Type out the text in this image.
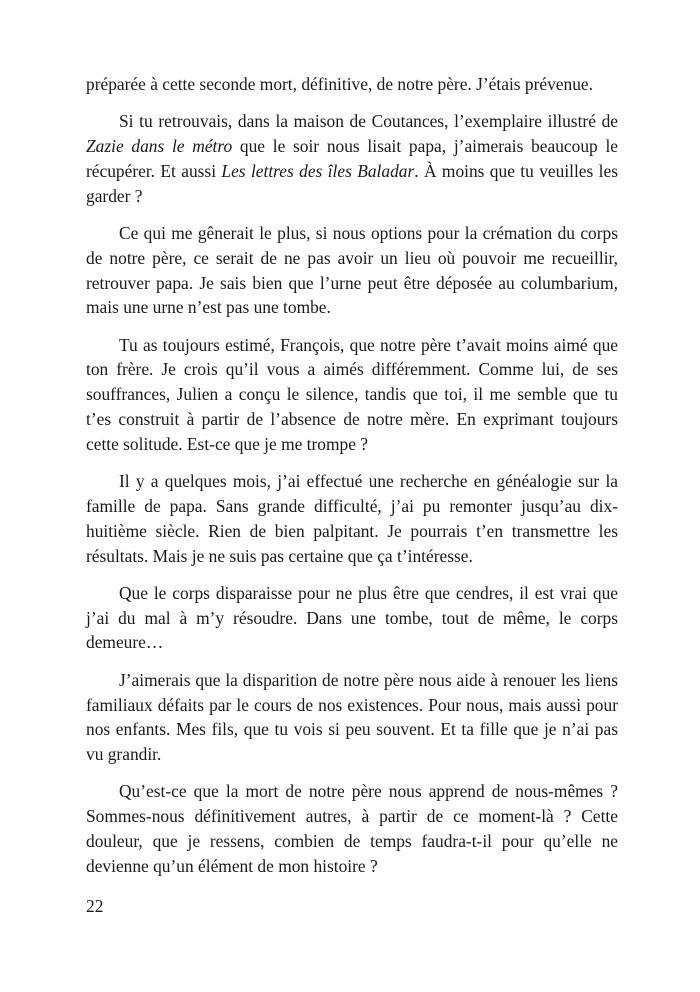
préparée à cette seconde mort, définitive, de notre père. J’étais prévenue.

Si tu retrouvais, dans la maison de Coutances, l’exemplaire illustré de Zazie dans le métro que le soir nous lisait papa, j’aimerais beaucoup le récupérer. Et aussi Les lettres des îles Baladar. À moins que tu veuilles les garder ?

Ce qui me gênerait le plus, si nous options pour la crémation du corps de notre père, ce serait de ne pas avoir un lieu où pouvoir me recueillir, retrouver papa. Je sais bien que l’urne peut être déposée au columbarium, mais une urne n’est pas une tombe.

Tu as toujours estimé, François, que notre père t’avait moins aimé que ton frère. Je crois qu’il vous a aimés différemment. Comme lui, de ses souffrances, Julien a conçu le silence, tandis que toi, il me semble que tu t’es construit à partir de l’absence de notre mère. En exprimant toujours cette solitude. Est-ce que je me trompe ?

Il y a quelques mois, j’ai effectué une recherche en généalogie sur la famille de papa. Sans grande difficulté, j’ai pu remonter jusqu’au dix-huitième siècle. Rien de bien palpitant. Je pourrais t’en transmettre les résultats. Mais je ne suis pas certaine que ça t’intéresse.

Que le corps disparaisse pour ne plus être que cendres, il est vrai que j’ai du mal à m’y résoudre. Dans une tombe, tout de même, le corps demeure…

J’aimerais que la disparition de notre père nous aide à renouer les liens familiaux défaits par le cours de nos existences. Pour nous, mais aussi pour nos enfants. Mes fils, que tu vois si peu souvent. Et ta fille que je n’ai pas vu grandir.

Qu’est-ce que la mort de notre père nous apprend de nous-mêmes ? Sommes-nous définitivement autres, à partir de ce moment-là ? Cette douleur, que je ressens, combien de temps faudra-t-il pour qu’elle ne devienne qu’un élément de mon histoire ?

22
